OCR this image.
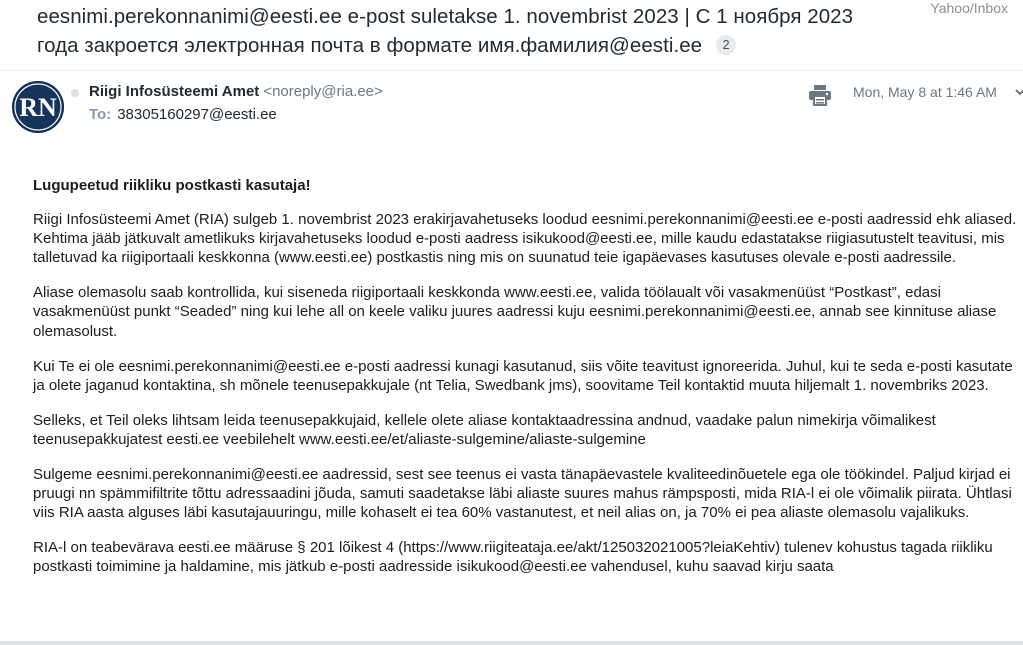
eesnimi.perekonnanimi@eesti.ee e-post suletakse 1. novembrist 2023 | С 1 ноября 2023 года закроется электронная почта в формате имя.фамилия@eesti.ee 2
Yahoo/Inbox
RN
Riigi Infosüsteemi Amet <noreply@ria.ee>
To: 38305160297@eesti.ee
Mon, May 8 at 1:46 AM

Lugupeetud riikliku postkasti kasutaja!

Riigi Infosüsteemi Amet (RIA) sulgeb 1. novembrist 2023 erakirjavahetuseks loodud eesnimi.perekonnanimi@eesti.ee e-posti aadressid ehk aliased. Kehtima jääb jätkuvalt ametlikuks kirjavahetuseks loodud e-posti aadress isikukood@eesti.ee, mille kaudu edastatakse riigiasutustelt teavitusi, mis talletuvad ka riigiportaali keskkonna (www.eesti.ee) postkastis ning mis on suunatud teie igapäevases kasutuses olevale e-posti aadressile.

Aliase olemasolu saab kontrollida, kui siseneda riigiportaali keskkonda www.eesti.ee, valida töölaualt või vasakmenüüst “Postkast”, edasi vasakmenüüst punkt “Seaded” ning kui lehe all on keele valiku juures aadressi kuju eesnimi.perekonnanimi@eesti.ee, annab see kinnituse aliase olemasolust.

Kui Te ei ole eesnimi.perekonnanimi@eesti.ee e-posti aadressi kunagi kasutanud, siis võite teavitust ignoreerida. Juhul, kui te seda e-posti kasutate ja olete jaganud kontaktina, sh mõnele teenusepakkujale (nt Telia, Swedbank jms), soovitame Teil kontaktid muuta hiljemalt 1. novembriks 2023.

Selleks, et Teil oleks lihtsam leida teenusepakkujaid, kellele olete aliase kontaktaadressina andnud, vaadake palun nimekirja võimalikest teenusepakkujatest eesti.ee veebilehelt www.eesti.ee/et/aliaste-sulgemine/aliaste-sulgemine

Sulgeme eesnimi.perekonnanimi@eesti.ee aadressid, sest see teenus ei vasta tänapäevastele kvaliteedinõuetele ega ole töökindel. Paljud kirjad ei pruugi nn spämmifiltrite tõttu adressaadini jõuda, samuti saadetakse läbi aliaste suures mahus rämpsposti, mida RIA-l ei ole võimalik piirata. Ühtlasi viis RIA aasta alguses läbi kasutajauuringu, mille kohaselt ei tea 60% vastanutest, et neil alias on, ja 70% ei pea aliaste olemasolu vajalikuks.

RIA-l on teabevärava eesti.ee määruse § 201 lõikest 4 (https://www.riigiteataja.ee/akt/125032021005?leiaKehtiv) tulenev kohustus tagada riikliku postkasti toimimine ja haldamine, mis jätkub e-posti aadresside isikukood@eesti.ee vahendusel, kuhu saavad kirju saata
